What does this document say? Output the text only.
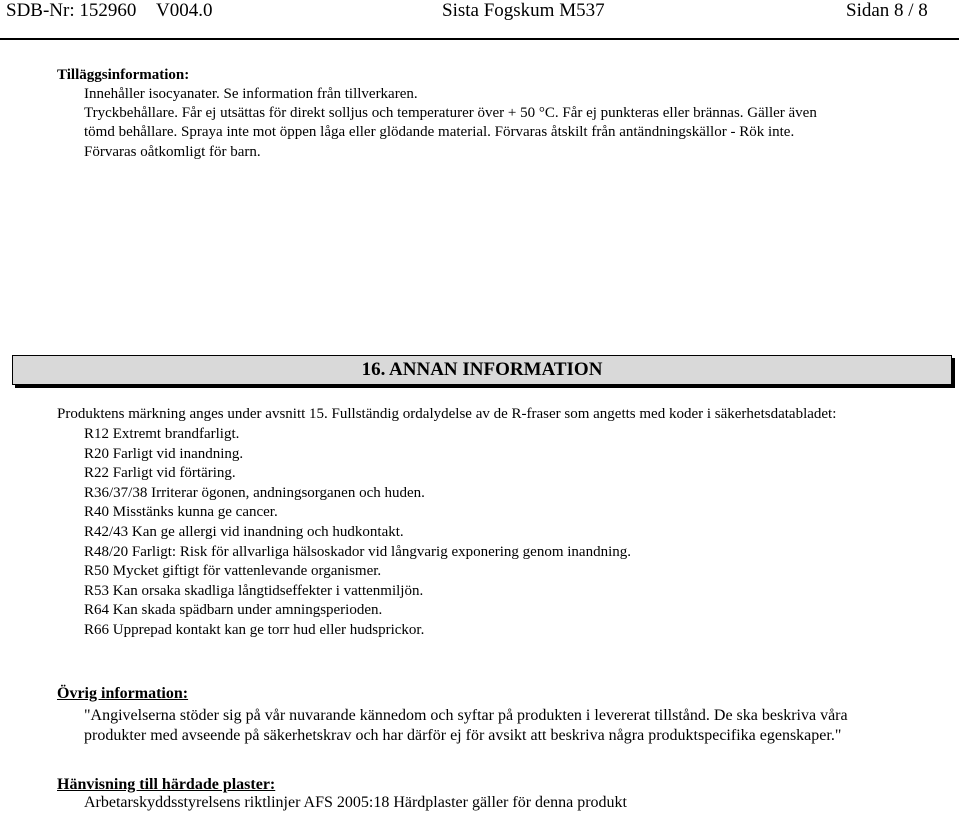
SDB-Nr: 152960 V004.0	Sista Fogskum M537	Sidan 8 / 8
Tilläggsinformation:
Innehåller isocyanater. Se information från tillverkaren.
Tryckbehållare. Får ej utsättas för direkt solljus och temperaturer över + 50 °C. Får ej punkteras eller brännas. Gäller även
tömd behållare. Spraya inte mot öppen låga eller glödande material. Förvaras åtskilt från antändningskällor - Rök inte.
Förvaras oåtkomligt för barn.
16. ANNAN INFORMATION
Produktens märkning anges under avsnitt 15. Fullständig ordalydelse av de R-fraser som angetts med koder i säkerhetsdatabladet:
R12 Extremt brandfarligt.
R20 Farligt vid inandning.
R22 Farligt vid förtäring.
R36/37/38 Irriterar ögonen, andningsorganen och huden.
R40 Misstänks kunna ge cancer.
R42/43 Kan ge allergi vid inandning och hudkontakt.
R48/20 Farligt: Risk för allvarliga hälsoskador vid långvarig exponering genom inandning.
R50 Mycket giftigt för vattenlevande organismer.
R53 Kan orsaka skadliga långtidseffekter i vattenmiljön.
R64 Kan skada spädbarn under amningsperioden.
R66 Upprepad kontakt kan ge torr hud eller hudsprickor.
Övrig information:
"Angivelserna stöder sig på vår nuvarande kännedom och syftar på produkten i levererat tillstånd. De ska beskriva våra
produkter med avseende på säkerhetskrav och har därför ej för avsikt att beskriva några produktspecifika egenskaper."
Hänvisning till härdade plaster:
Arbetarskyddsstyrelsens riktlinjer AFS 2005:18 Härdplaster gäller för denna produkt
